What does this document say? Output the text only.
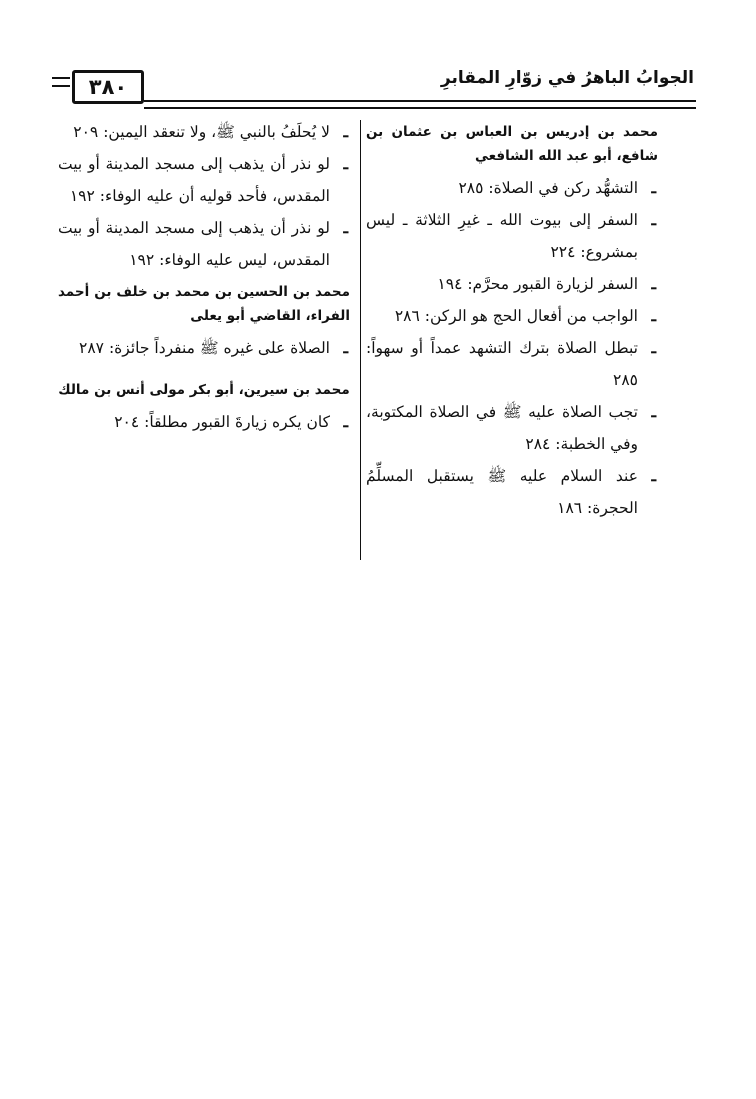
٣٨٠	الجوابُ الباهرُ في زوّارِ المقابرِ
محمد بن إدريس بن العباس بن عثمان بن شافع، أبو عبد الله الشافعي
ـ
التشهُّد ركن في الصلاة: ٢٨٥
ـ
السفر إلى بيوت الله ـ غيرِ الثلاثة ـ ليس بمشروع: ٢٢٤
ـ
السفر لزيارة القبور محرَّم: ١٩٤
ـ
الواجب من أفعال الحج هو الركن: ٢٨٦
ـ
تبطل الصلاة بترك التشهد عمداً أو سهواً: ٢٨٥
ـ
تجب الصلاة عليه ﷺ في الصلاة المكتوبة، وفي الخطبة: ٢٨٤
ـ
عند السلام عليه ﷺ يستقبل المسلِّمُ الحجرة: ١٨٦
ـ
لا يُحلَفُ بالنبي ﷺ، ولا تنعقد اليمين: ٢٠٩
ـ
لو نذر أن يذهب إلى مسجد المدينة أو بيت المقدس، فأحد قوليه أن عليه الوفاء: ١٩٢
ـ
لو نذر أن يذهب إلى مسجد المدينة أو بيت المقدس، ليس عليه الوفاء: ١٩٢
محمد بن الحسين بن محمد بن خلف بن أحمد الفراء، القاضي أبو يعلى
ـ
الصلاة على غيره ﷺ منفرداً جائزة: ٢٨٧
محمد بن سيرين، أبو بكر مولى أنس بن مالك
ـ
كان يكره زيارةَ القبور مطلقاً: ٢٠٤
